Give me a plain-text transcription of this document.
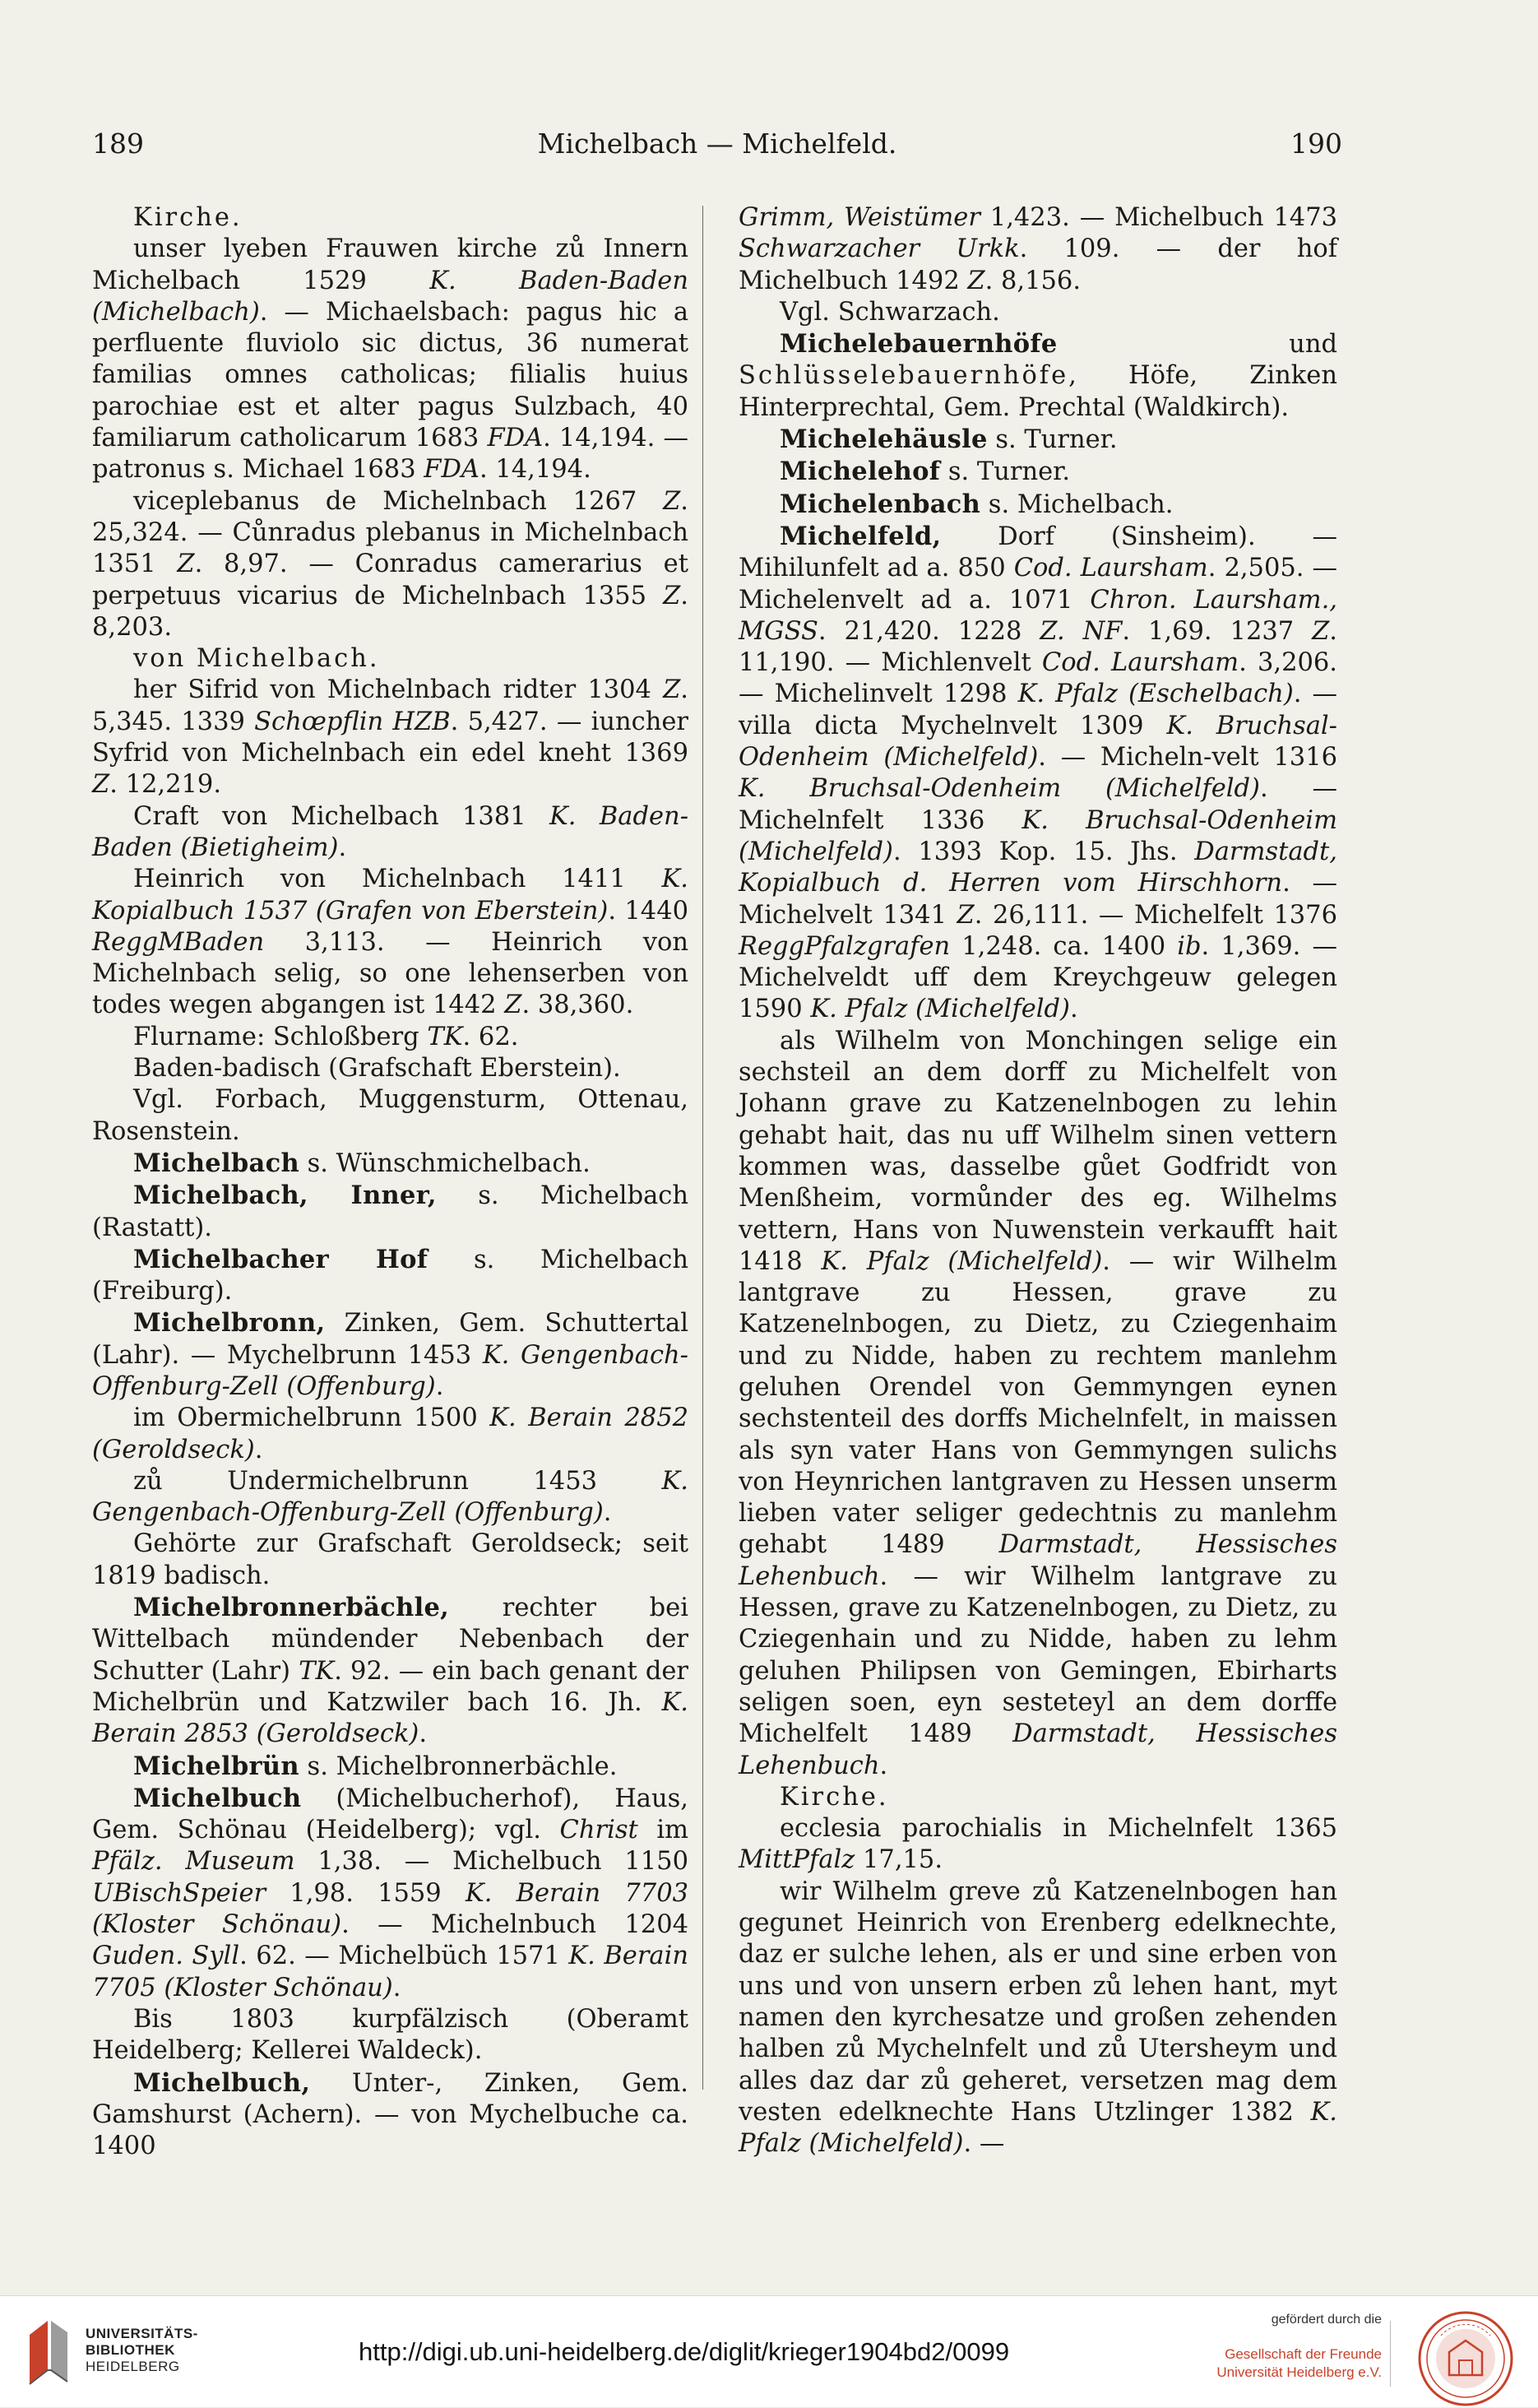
189	Michelbach — Michelfeld.	190

Kirche.

unser lyeben Frauwen kirche zů Innern Michelbach 1529 K. Baden-Baden (Michelbach). — Michaelsbach: pagus hic a perfluente fluviolo sic dictus, 36 numerat familias omnes catholicas; filialis huius parochiae est et alter pagus Sulzbach, 40 familiarum catholicarum 1683 FDA. 14,194. — patronus s. Michael 1683 FDA. 14,194.

viceplebanus de Michelnbach 1267 Z. 25,324. — Cůnradus plebanus in Michelnbach 1351 Z. 8,97. — Conradus camerarius et perpetuus vicarius de Michelnbach 1355 Z. 8,203.

von Michelbach.

her Sifrid von Michelnbach ridter 1304 Z. 5,345. 1339 Schœpflin HZB. 5,427. — iuncher Syfrid von Michelnbach ein edel kneht 1369 Z. 12,219.

Craft von Michelbach 1381 K. Baden-Baden (Bietigheim).

Heinrich von Michelnbach 1411 K. Kopialbuch 1537 (Grafen von Eberstein). 1440 ReggMBaden 3,113. — Heinrich von Michelnbach selig, so one lehenserben von todes wegen abgangen ist 1442 Z. 38,360.

Flurname: Schloßberg TK. 62.

Baden-badisch (Grafschaft Eberstein).

Vgl. Forbach, Muggensturm, Ottenau, Rosenstein.

Michelbach s. Wünschmichelbach.

Michelbach, Inner, s. Michelbach (Rastatt).

Michelbacher Hof s. Michelbach (Freiburg).

Michelbronn, Zinken, Gem. Schuttertal (Lahr). — Mychelbrunn 1453 K. Gengenbach-Offenburg-Zell (Offenburg).

im Obermichelbrunn 1500 K. Berain 2852 (Geroldseck).

zů Undermichelbrunn 1453 K. Gengenbach-Offenburg-Zell (Offenburg).

Gehörte zur Grafschaft Geroldseck; seit 1819 badisch.

Michelbronnerbächle, rechter bei Wittelbach mündender Nebenbach der Schutter (Lahr) TK. 92. — ein bach genant der Michelbrün und Katzwiler bach 16. Jh. K. Berain 2853 (Geroldseck).

Michelbrün s. Michelbronnerbächle.

Michelbuch (Michelbucherhof), Haus, Gem. Schönau (Heidelberg); vgl. Christ im Pfälz. Museum 1,38. — Michelbuch 1150 UBischSpeier 1,98. 1559 K. Berain 7703 (Kloster Schönau). — Michelnbuch 1204 Guden. Syll. 62. — Michelbüch 1571 K. Berain 7705 (Kloster Schönau).

Bis 1803 kurpfälzisch (Oberamt Heidelberg; Kellerei Waldeck).

Michelbuch, Unter-, Zinken, Gem. Gamshurst (Achern). — von Mychelbuche ca. 1400

Grimm, Weistümer 1,423. — Michelbuch 1473 Schwarzacher Urkk. 109. — der hof Michelbuch 1492 Z. 8,156.

Vgl. Schwarzach.

Michelebauernhöfe und Schlüsselebauernhöfe, Höfe, Zinken Hinterprechtal, Gem. Prechtal (Waldkirch).

Michelehäusle s. Turner.

Michelehof s. Turner.

Michelenbach s. Michelbach.

Michelfeld, Dorf (Sinsheim). — Mihilunfelt ad a. 850 Cod. Laursham. 2,505. — Michelenvelt ad a. 1071 Chron. Laursham., MGSS. 21,420. 1228 Z. NF. 1,69. 1237 Z. 11,190. — Michlenvelt Cod. Laursham. 3,206. — Michelinvelt 1298 K. Pfalz (Eschelbach). — villa dicta Mychelnvelt 1309 K. Bruchsal-Odenheim (Michelfeld). — Micheln-velt 1316 K. Bruchsal-Odenheim (Michelfeld). — Michelnfelt 1336 K. Bruchsal-Odenheim (Michelfeld). 1393 Kop. 15. Jhs. Darmstadt, Kopialbuch d. Herren vom Hirschhorn. — Michelvelt 1341 Z. 26,111. — Michelfelt 1376 ReggPfalzgrafen 1,248. ca. 1400 ib. 1,369. — Michelveldt uff dem Kreychgeuw gelegen 1590 K. Pfalz (Michelfeld).

als Wilhelm von Monchingen selige ein sechsteil an dem dorff zu Michelfelt von Johann grave zu Katzenelnbogen zu lehin gehabt hait, das nu uff Wilhelm sinen vettern kommen was, dasselbe gůet Godfridt von Menßheim, vormůnder des eg. Wilhelms vettern, Hans von Nuwenstein verkaufft hait 1418 K. Pfalz (Michelfeld). — wir Wilhelm lantgrave zu Hessen, grave zu Katzenelnbogen, zu Dietz, zu Cziegenhaim und zu Nidde, haben zu rechtem manlehm geluhen Orendel von Gemmyngen eynen sechstenteil des dorffs Michelnfelt, in maissen als syn vater Hans von Gemmyngen sulichs von Heynrichen lantgraven zu Hessen unserm lieben vater seliger gedechtnis zu manlehm gehabt 1489 Darmstadt, Hessisches Lehenbuch. — wir Wilhelm lantgrave zu Hessen, grave zu Katzenelnbogen, zu Dietz, zu Cziegenhain und zu Nidde, haben zu lehm geluhen Philipsen von Gemingen, Ebirharts seligen soen, eyn sesteteyl an dem dorffe Michelfelt 1489 Darmstadt, Hessisches Lehenbuch.

Kirche.

ecclesia parochialis in Michelnfelt 1365 MittPfalz 17,15.

wir Wilhelm greve zů Katzenelnbogen han gegunet Heinrich von Erenberg edelknechte, daz er sulche lehen, als er und sine erben von uns und von unsern erben zů lehen hant, myt namen den kyrchesatze und großen zehenden halben zů Mychelnfelt und zů Utersheym und alles daz dar zů geheret, versetzen mag dem vesten edelknechte Hans Utzlinger 1382 K. Pfalz (Michelfeld). —

UNIVERSITÄTS-
BIBLIOTHEK
HEIDELBERG
http://digi.ub.uni-heidelberg.de/diglit/krieger1904bd2/0099
gefördert durch die
Gesellschaft der Freunde
Universität Heidelberg e.V.
